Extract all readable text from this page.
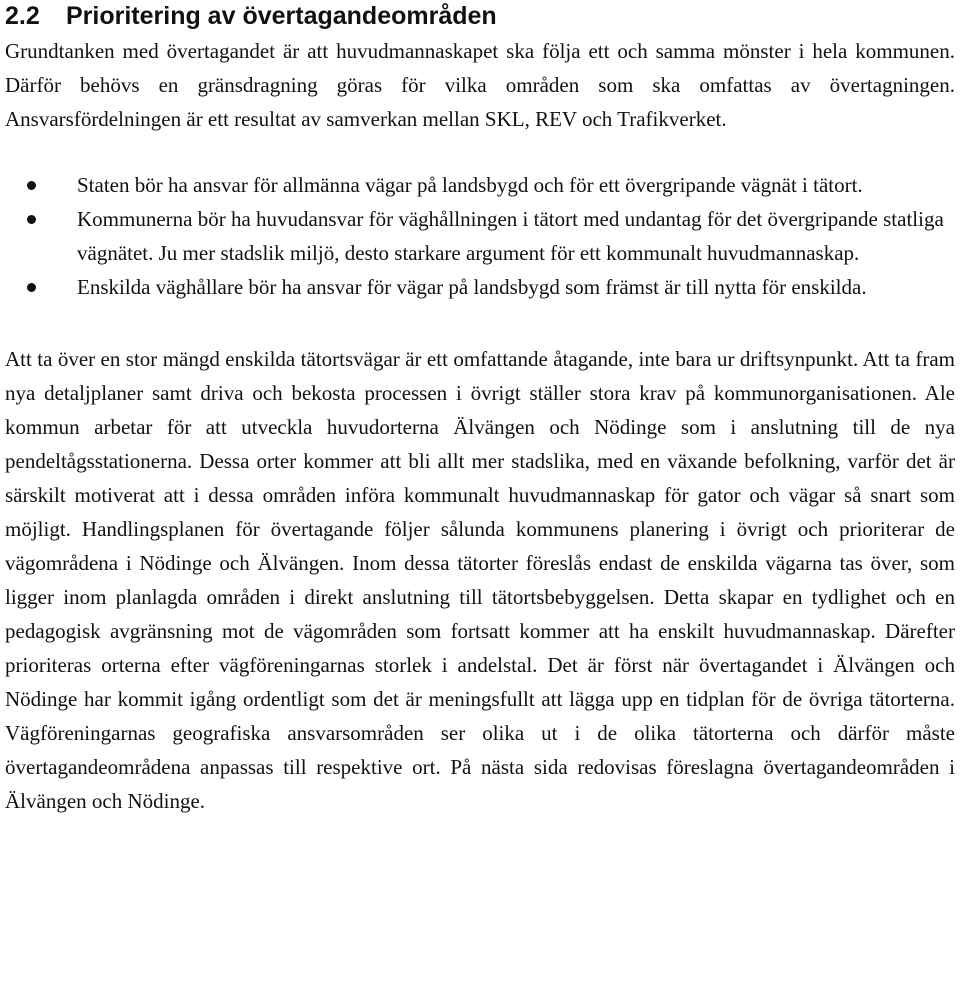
2.2 Prioritering av övertagandeområden

Grundtanken med övertagandet är att huvudmannaskapet ska följa ett och samma mönster i hela kommunen. Därför behövs en gränsdragning göras för vilka områden som ska omfattas av övertagningen. Ansvarsfördelningen är ett resultat av samverkan mellan SKL, REV och Trafikverket.

Staten bör ha ansvar för allmänna vägar på landsbygd och för ett övergripande vägnät i tätort.
Kommunerna bör ha huvudansvar för väghållningen i tätort med undantag för det övergripande statliga vägnätet. Ju mer stadslik miljö, desto starkare argument för ett kommunalt huvudmannaskap.
Enskilda väghållare bör ha ansvar för vägar på landsbygd som främst är till nytta för enskilda.

Att ta över en stor mängd enskilda tätortsvägar är ett omfattande åtagande, inte bara ur driftsynpunkt. Att ta fram nya detaljplaner samt driva och bekosta processen i övrigt ställer stora krav på kommunorganisationen. Ale kommun arbetar för att utveckla huvudorterna Älvängen och Nödinge som i anslutning till de nya pendeltågsstationerna. Dessa orter kommer att bli allt mer stadslika, med en växande befolkning, varför det är särskilt motiverat att i dessa områden införa kommunalt huvudmannaskap för gator och vägar så snart som möjligt. Handlingsplanen för övertagande följer sålunda kommunens planering i övrigt och prioriterar de vägområdena i Nödinge och Älvängen. Inom dessa tätorter föreslås endast de enskilda vägarna tas över, som ligger inom planlagda områden i direkt anslutning till tätortsbebyggelsen. Detta skapar en tydlighet och en pedagogisk avgränsning mot de vägområden som fortsatt kommer att ha enskilt huvudmannaskap. Därefter prioriteras orterna efter vägföreningarnas storlek i andelstal. Det är först när övertagandet i Älvängen och Nödinge har kommit igång ordentligt som det är meningsfullt att lägga upp en tidplan för de övriga tätorterna. Vägföreningarnas geografiska ansvarsområden ser olika ut i de olika tätorterna och därför måste övertagandeområdena anpassas till respektive ort. På nästa sida redovisas föreslagna övertagandeområden i Älvängen och Nödinge.
